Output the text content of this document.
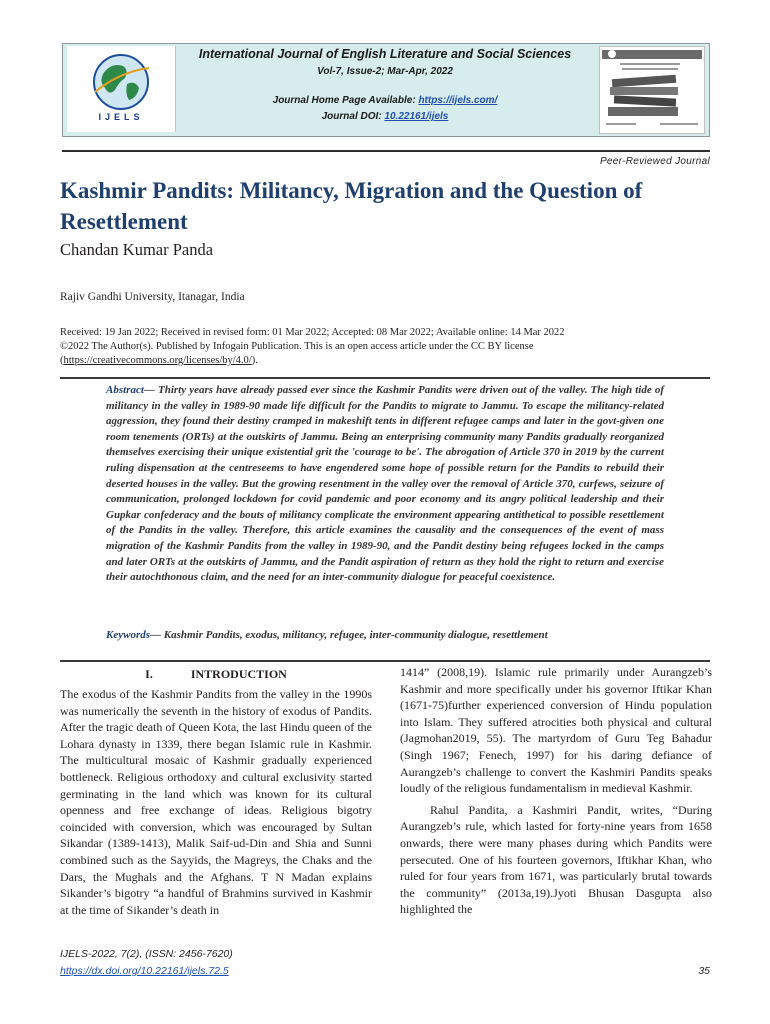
IJELS
International Journal of English Literature and Social Sciences
Vol-7, Issue-2; Mar-Apr, 2022
Journal Home Page Available: https://ijels.com/
Journal DOI: 10.22161/ijels
Peer-Reviewed Journal
Kashmir Pandits: Militancy, Migration and the Question of Resettlement
Chandan Kumar Panda
Rajiv Gandhi University, Itanagar, India
Received: 19 Jan 2022; Received in revised form: 01 Mar 2022; Accepted: 08 Mar 2022; Available online: 14 Mar 2022
©2022 The Author(s). Published by Infogain Publication. This is an open access article under the CC BY license
(https://creativecommons.org/licenses/by/4.0/).
Abstract— Thirty years have already passed ever since the Kashmir Pandits were driven out of the valley. The high tide of militancy in the valley in 1989-90 made life difficult for the Pandits to migrate to Jammu. To escape the militancy-related aggression, they found their destiny cramped in makeshift tents in different refugee camps and later in the govt-given one room tenements (ORTs) at the outskirts of Jammu. Being an enterprising community many Pandits gradually reorganized themselves exercising their unique existential grit the 'courage to be'. The abrogation of Article 370 in 2019 by the current ruling dispensation at the centreseems to have engendered some hope of possible return for the Pandits to rebuild their deserted houses in the valley. But the growing resentment in the valley over the removal of Article 370, curfews, seizure of communication, prolonged lockdown for covid pandemic and poor economy and its angry political leadership and their Gupkar confederacy and the bouts of militancy complicate the environment appearing antithetical to possible resettlement of the Pandits in the valley. Therefore, this article examines the causality and the consequences of the event of mass migration of the Kashmir Pandits from the valley in 1989-90, and the Pandit destiny being refugees locked in the camps and later ORTs at the outskirts of Jammu, and the Pandit aspiration of return as they hold the right to return and exercise their autochthonous claim, and the need for an inter-community dialogue for peaceful coexistence.
Keywords— Kashmir Pandits, exodus, militancy, refugee, inter-community dialogue, resettlement
I.	INTRODUCTION

The exodus of the Kashmir Pandits from the valley in the 1990s was numerically the seventh in the history of exodus of Pandits. After the tragic death of Queen Kota, the last Hindu queen of the Lohara dynasty in 1339, there began Islamic rule in Kashmir. The multicultural mosaic of Kashmir gradually experienced bottleneck. Religious orthodoxy and cultural exclusivity started germinating in the land which was known for its cultural openness and free exchange of ideas. Religious bigotry coincided with conversion, which was encouraged by Sultan Sikandar (1389-1413), Malik Saif-ud-Din and Shia and Sunni combined such as the Sayyids, the Magreys, the Chaks and the Dars, the Mughals and the Afghans. T N Madan explains Sikander’s bigotry “a handful of Brahmins survived in Kashmir at the time of Sikander’s death in

1414” (2008,19). Islamic rule primarily under Aurangzeb’s Kashmir and more specifically under his governor Iftikar Khan (1671-75)further experienced conversion of Hindu population into Islam. They suffered atrocities both physical and cultural (Jagmohan2019, 55). The martyrdom of Guru Teg Bahadur (Singh 1967; Fenech, 1997) for his daring defiance of Aurangzeb’s challenge to convert the Kashmiri Pandits speaks loudly of the religious fundamentalism in medieval Kashmir.

Rahul Pandita, a Kashmiri Pandit, writes, “During Aurangzeb’s rule, which lasted for forty-nine years from 1658 onwards, there were many phases during which Pandits were persecuted. One of his fourteen governors, Iftikhar Khan, who ruled for four years from 1671, was particularly brutal towards the community” (2013a,19).Jyoti Bhusan Dasgupta also highlighted the

IJELS-2022, 7(2), (ISSN: 2456-7620)
https://dx.doi.org/10.22161/ijels.72.5	35
